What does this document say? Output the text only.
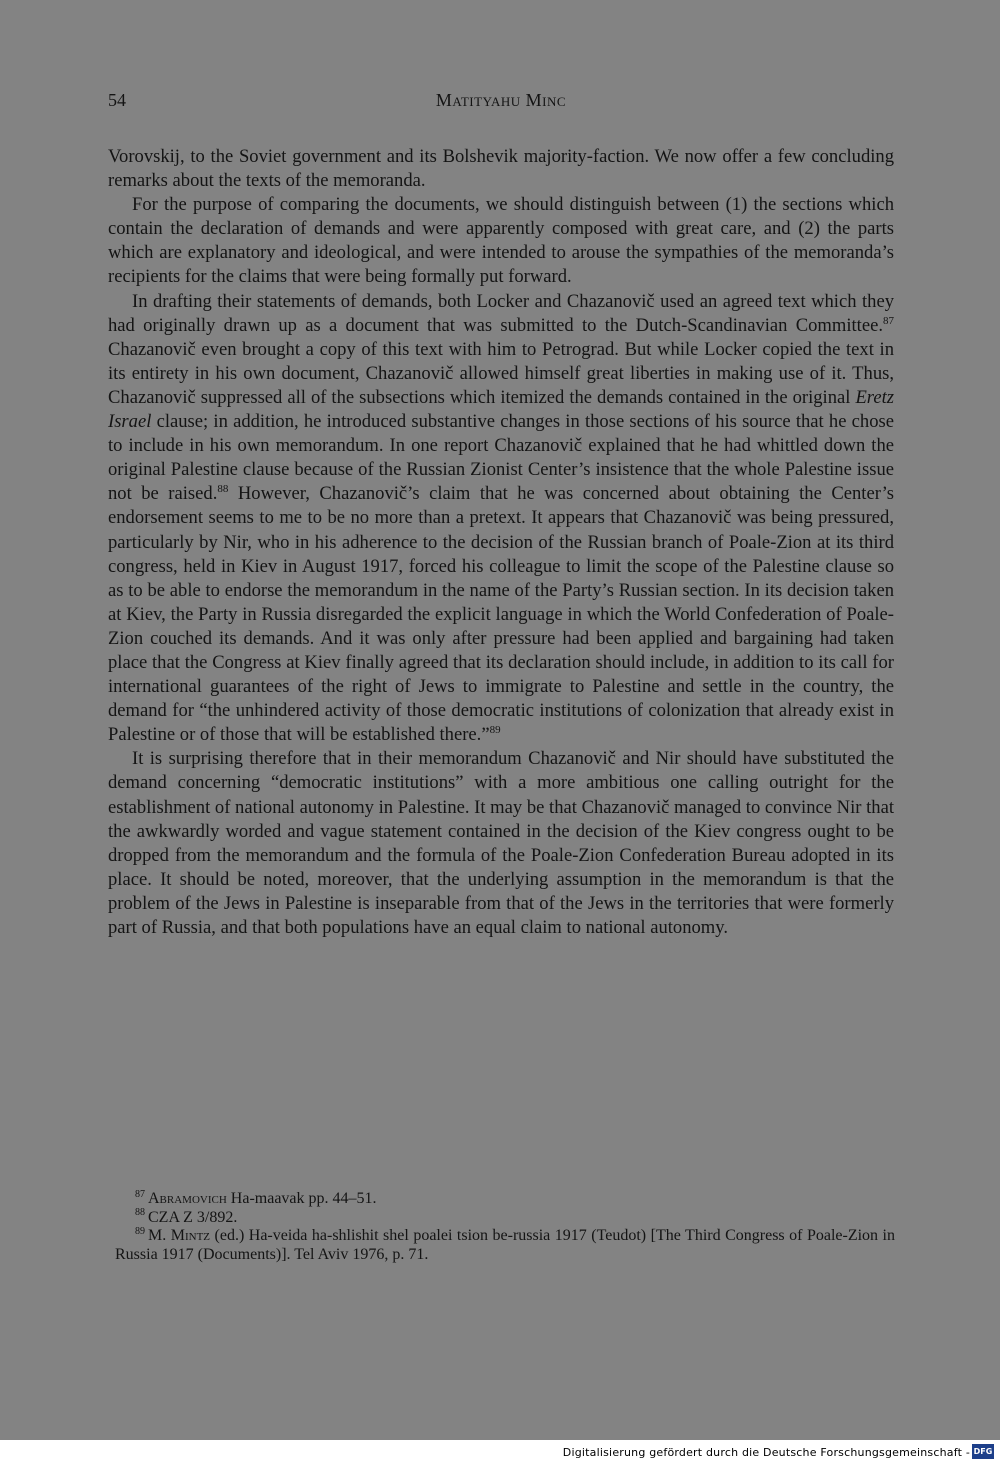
54	Matityahu Minc

Vorovskij, to the Soviet government and its Bolshevik majority-faction. We now offer a few concluding remarks about the texts of the memoranda.

For the purpose of comparing the documents, we should distinguish between (1) the sections which contain the declaration of demands and were apparently composed with great care, and (2) the parts which are explanatory and ideological, and were intended to arouse the sympathies of the memoranda’s recipients for the claims that were being formally put forward.

In drafting their statements of demands, both Locker and Chazanovič used an agreed text which they had originally drawn up as a document that was submitted to the Dutch-Scandinavian Committee.$^{87}$ Chazanovič even brought a copy of this text with him to Petrograd. But while Locker copied the text in its entirety in his own document, Chazanovič allowed himself great liberties in making use of it. Thus, Chazanovič suppressed all of the subsections which itemized the demands contained in the original Eretz Israel clause; in addition, he introduced substantive changes in those sections of his source that he chose to include in his own memorandum. In one report Chazanovič explained that he had whittled down the original Palestine clause because of the Russian Zionist Center’s insistence that the whole Palestine issue not be raised.$^{88}$ However, Chazanovič’s claim that he was concerned about obtaining the Center’s endorsement seems to me to be no more than a pretext. It appears that Chazanovič was being pressured, particularly by Nir, who in his adherence to the decision of the Russian branch of Poale-Zion at its third congress, held in Kiev in August 1917, forced his colleague to limit the scope of the Palestine clause so as to be able to endorse the memorandum in the name of the Party’s Russian section. In its decision taken at Kiev, the Party in Russia disregarded the explicit language in which the World Confederation of Poale-Zion couched its demands. And it was only after pressure had been applied and bargaining had taken place that the Congress at Kiev finally agreed that its declaration should include, in addition to its call for international guarantees of the right of Jews to immigrate to Palestine and settle in the country, the demand for “the unhindered activity of those democratic institutions of colonization that already exist in Palestine or of those that will be established there.”$^{89}$

It is surprising therefore that in their memorandum Chazanovič and Nir should have substituted the demand concerning “democratic institutions” with a more ambitious one calling outright for the establishment of national autonomy in Palestine. It may be that Chazanovič managed to convince Nir that the awkwardly worded and vague statement contained in the decision of the Kiev congress ought to be dropped from the memorandum and the formula of the Poale-Zion Confederation Bureau adopted in its place. It should be noted, moreover, that the underlying assumption in the memorandum is that the problem of the Jews in Palestine is inseparable from that of the Jews in the territories that were formerly part of Russia, and that both populations have an equal claim to national autonomy.

$^{87}$ Abramovich Ha-maavak pp. 44–51.

$^{88}$ CZA Z 3/892.

$^{89}$ M. Mintz (ed.) Ha-veida ha-shlishit shel poalei tsion be-russia 1917 (Teudot) [The Third Congress of Poale-Zion in Russia 1917 (Documents)]. Tel Aviv 1976, p. 71.

Digitalisierung gefördert durch die Deutsche Forschungsgemeinschaft - DFG
